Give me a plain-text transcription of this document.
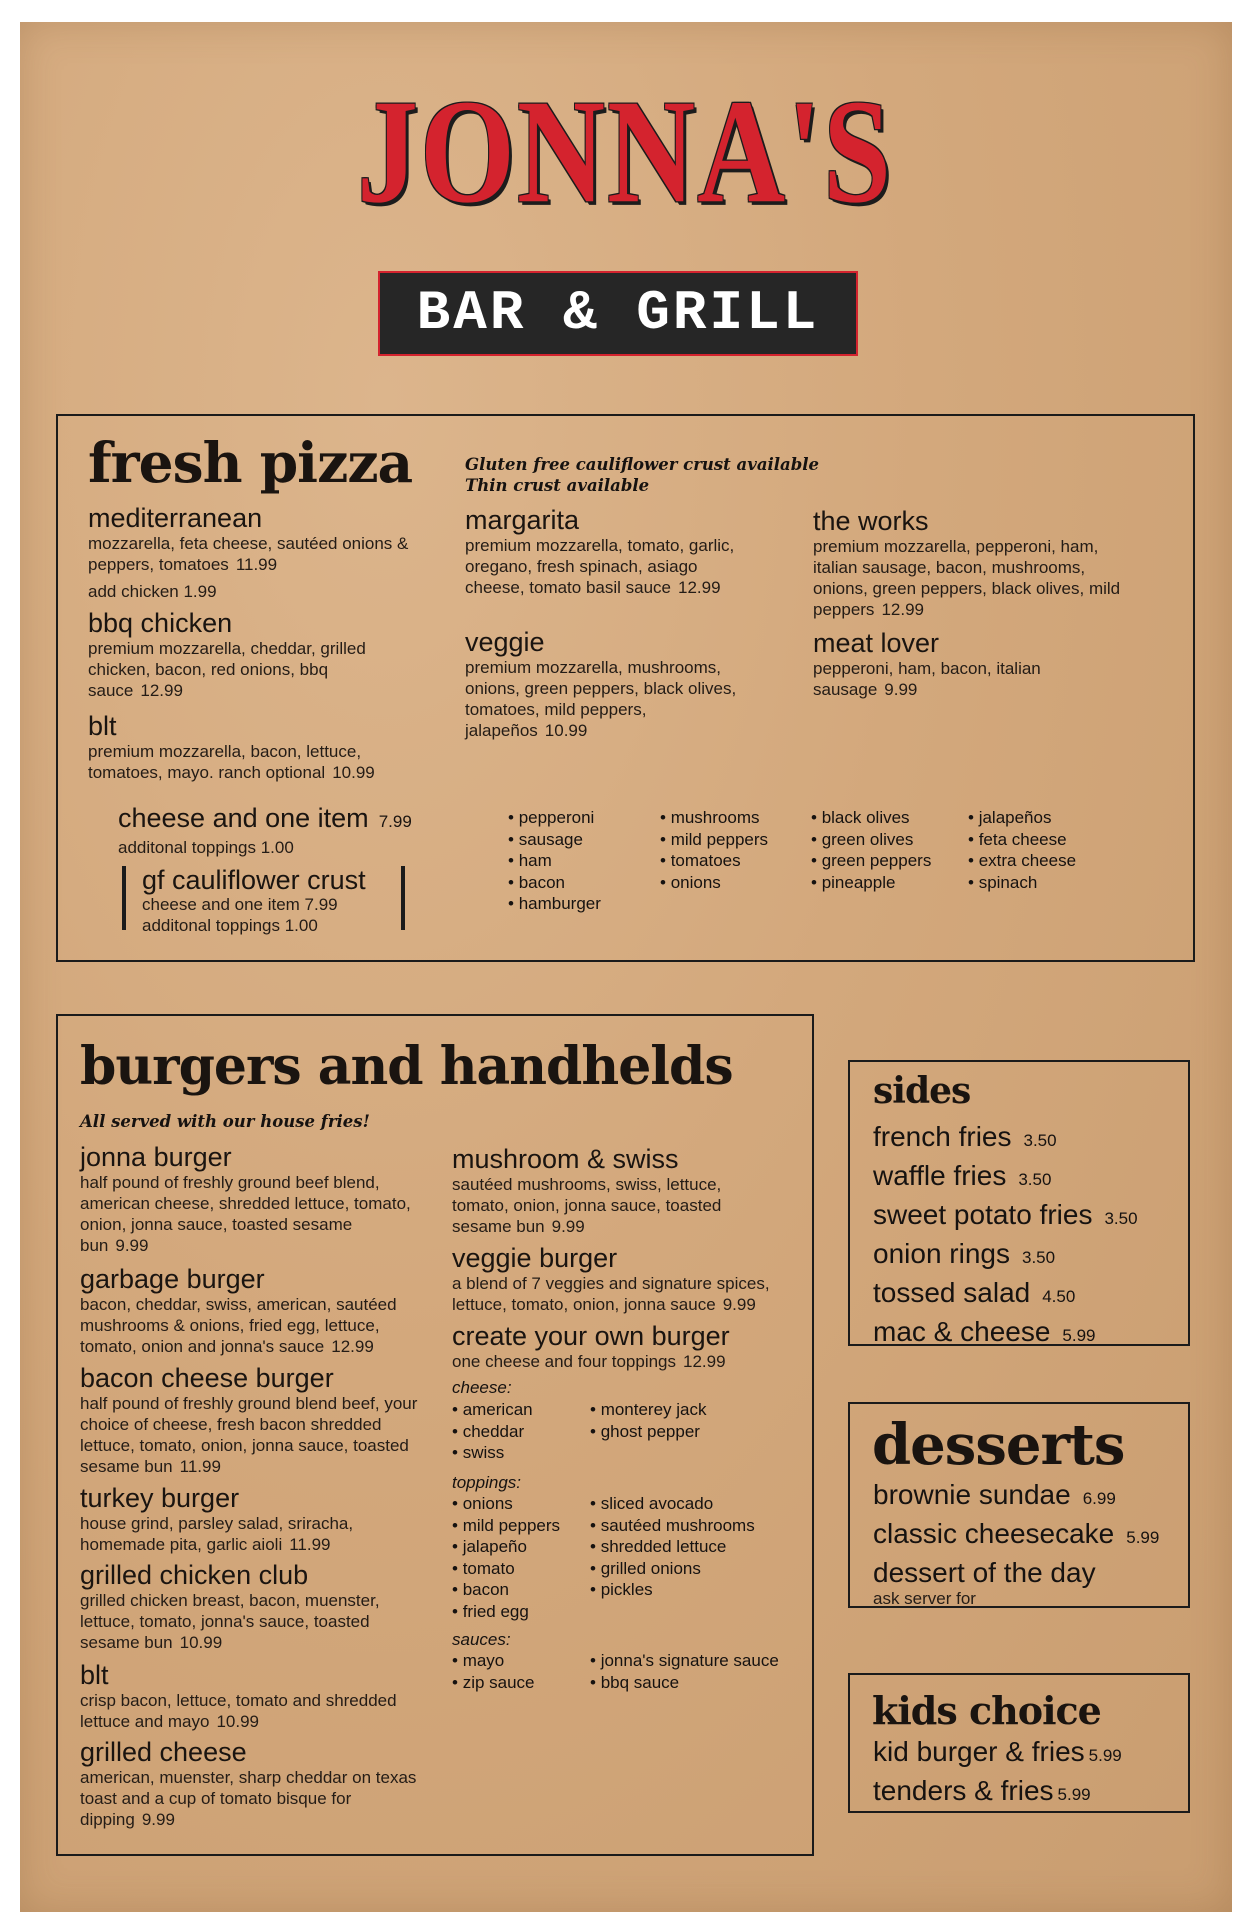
JONNA'S
BAR & GRILL
fresh pizza	Gluten free cauliflower crust available
Thin crust available
mediterranean
mozzarella, feta cheese, sautéed onions & peppers, tomatoes 11.99
add chicken 1.99
bbq chicken
premium mozzarella, cheddar, grilled chicken, bacon, red onions, bbq sauce 12.99
blt
premium mozzarella, bacon, lettuce, tomatoes, mayo. ranch optional 10.99
margarita
premium mozzarella, tomato, garlic, oregano, fresh spinach, asiago cheese, tomato basil sauce 12.99
veggie
premium mozzarella, mushrooms, onions, green peppers, black olives, tomatoes, mild peppers, jalapeños 10.99
the works
premium mozzarella, pepperoni, ham, italian sausage, bacon, mushrooms, onions, green peppers, black olives, mild peppers 12.99
meat lover
pepperoni, ham, bacon, italian sausage 9.99
cheese and one item 7.99
additonal toppings 1.00
gf cauliflower crust
cheese and one item 7.99
additonal toppings 1.00
• pepperoni
• sausage
• ham
• bacon
• hamburger
• mushrooms
• mild peppers
• tomatoes
• onions
• black olives
• green olives
• green peppers
• pineapple
• jalapeños
• feta cheese
• extra cheese
• spinach
burgers and handhelds
All served with our house fries!
jonna burger
half pound of freshly ground beef blend, american cheese, shredded lettuce, tomato, onion, jonna sauce, toasted sesame bun 9.99
garbage burger
bacon, cheddar, swiss, american, sautéed mushrooms & onions, fried egg, lettuce, tomato, onion and jonna's sauce 12.99
bacon cheese burger
half pound of freshly ground blend beef, your choice of cheese, fresh bacon shredded lettuce, tomato, onion, jonna sauce, toasted sesame bun 11.99
turkey burger
house grind, parsley salad, sriracha, homemade pita, garlic aioli 11.99
grilled chicken club
grilled chicken breast, bacon, muenster, lettuce, tomato, jonna's sauce, toasted sesame bun 10.99
blt
crisp bacon, lettuce, tomato and shredded lettuce and mayo 10.99
grilled cheese
american, muenster, sharp cheddar on texas toast and a cup of tomato bisque for dipping 9.99
mushroom & swiss
sautéed mushrooms, swiss, lettuce, tomato, onion, jonna sauce, toasted sesame bun 9.99
veggie burger
a blend of 7 veggies and signature spices, lettuce, tomato, onion, jonna sauce 9.99
create your own burger
one cheese and four toppings 12.99
cheese:
• american
• cheddar
• swiss
• monterey jack
• ghost pepper
toppings:
• onions
• mild peppers
• jalapeño
• tomato
• bacon
• fried egg
• sliced avocado
• sautéed mushrooms
• shredded lettuce
• grilled onions
• pickles
sauces:
• mayo
• zip sauce
• jonna's signature sauce
• bbq sauce
sides
french fries 3.50
waffle fries 3.50
sweet potato fries 3.50
onion rings 3.50
tossed salad 4.50
mac & cheese 5.99
desserts
brownie sundae 6.99
classic cheesecake 5.99
dessert of the day
ask server for
kids choice
kid burger & fries 5.99
tenders & fries 5.99
